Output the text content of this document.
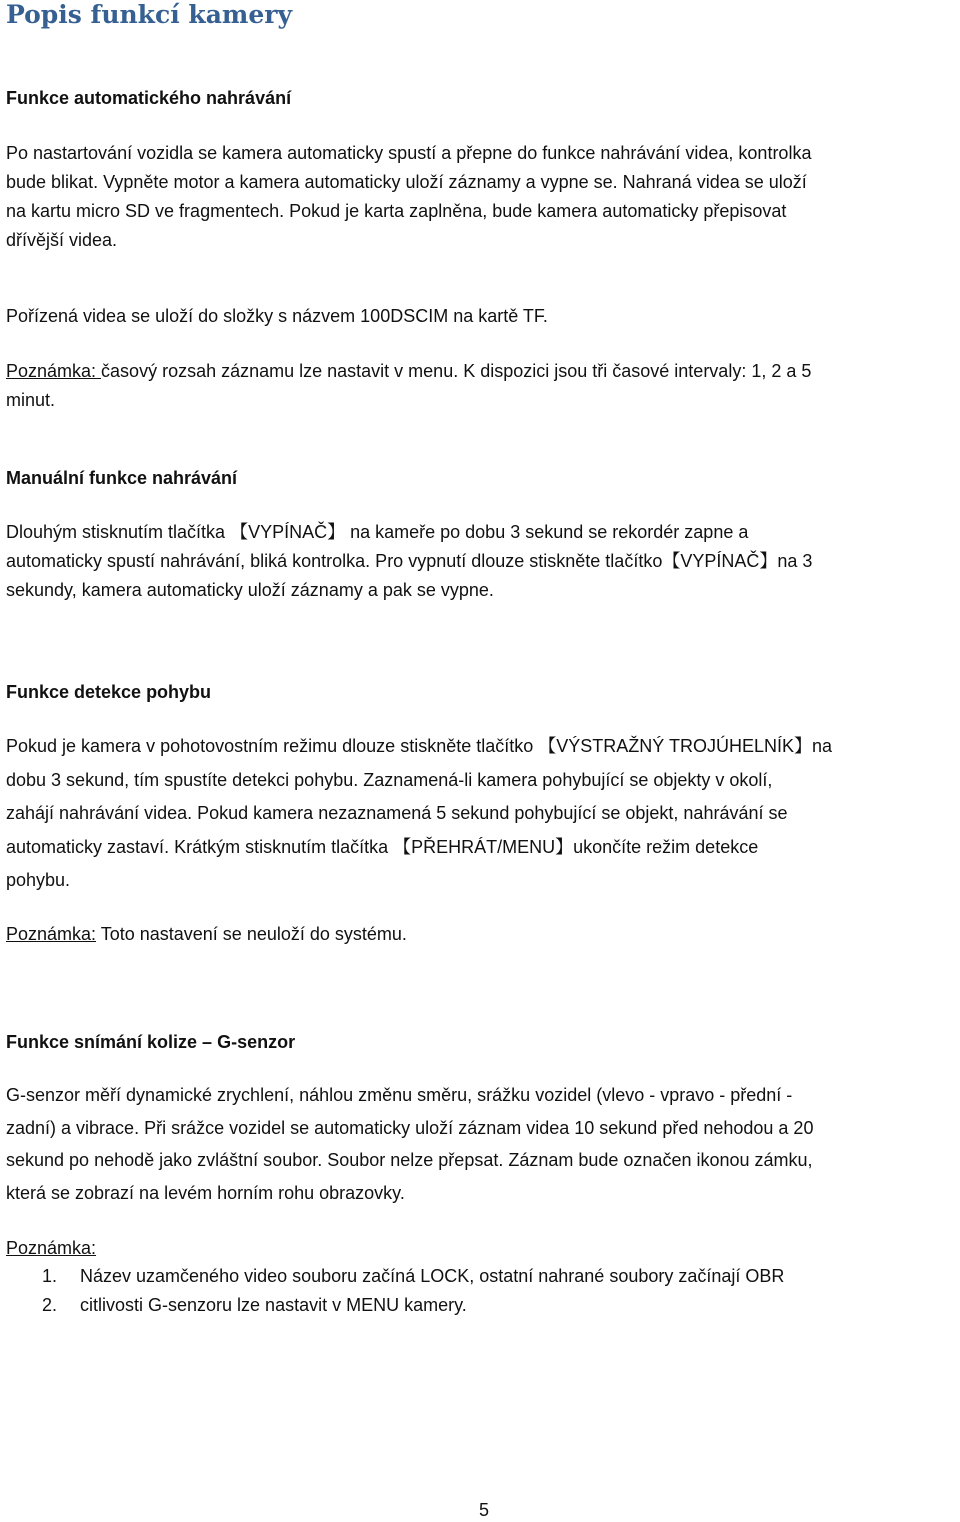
Popis funkcí kamery
Funkce automatického nahrávání

Po nastartování vozidla se kamera automaticky spustí a přepne do funkce nahrávání videa, kontrolka
bude blikat. Vypněte motor a kamera automaticky uloží záznamy a vypne se. Nahraná videa se uloží
na kartu micro SD ve fragmentech. Pokud je karta zaplněna, bude kamera automaticky přepisovat
dřívější videa.

Pořízená videa se uloží do složky s názvem 100DSCIM na kartě TF.

Poznámka: časový rozsah záznamu lze nastavit v menu. K dispozici jsou tři časové intervaly: 1, 2 a 5
minut.

Manuální funkce nahrávání

Dlouhým stisknutím tlačítka 【VYPÍNAČ】 na kameře po dobu 3 sekund se rekordér zapne a
automaticky spustí nahrávání, bliká kontrolka. Pro vypnutí dlouze stiskněte tlačítko【VYPÍNAČ】na 3
sekundy, kamera automaticky uloží záznamy a pak se vypne.

Funkce detekce pohybu

Pokud je kamera v pohotovostním režimu dlouze stiskněte tlačítko 【VÝSTRAŽNÝ TROJÚHELNÍK】na
dobu 3 sekund, tím spustíte detekci pohybu. Zaznamená-li kamera pohybující se objekty v okolí,
zahájí nahrávání videa. Pokud kamera nezaznamená 5 sekund pohybující se objekt, nahrávání se
automaticky zastaví. Krátkým stisknutím tlačítka 【PŘEHRÁT/MENU】ukončíte režim detekce
pohybu.

Poznámka: Toto nastavení se neuloží do systému.

Funkce snímání kolize – G-senzor

G-senzor měří dynamické zrychlení, náhlou změnu směru, srážku vozidel (vlevo - vpravo - přední -
zadní) a vibrace. Při srážce vozidel se automaticky uloží záznam videa 10 sekund před nehodou a 20
sekund po nehodě jako zvláštní soubor. Soubor nelze přepsat. Záznam bude označen ikonou zámku,
která se zobrazí na levém horním rohu obrazovky.

Poznámka:

1. Název uzamčeného video souboru začíná LOCK, ostatní nahrané soubory začínají OBR
2. citlivosti G-senzoru lze nastavit v MENU kamery.
5
